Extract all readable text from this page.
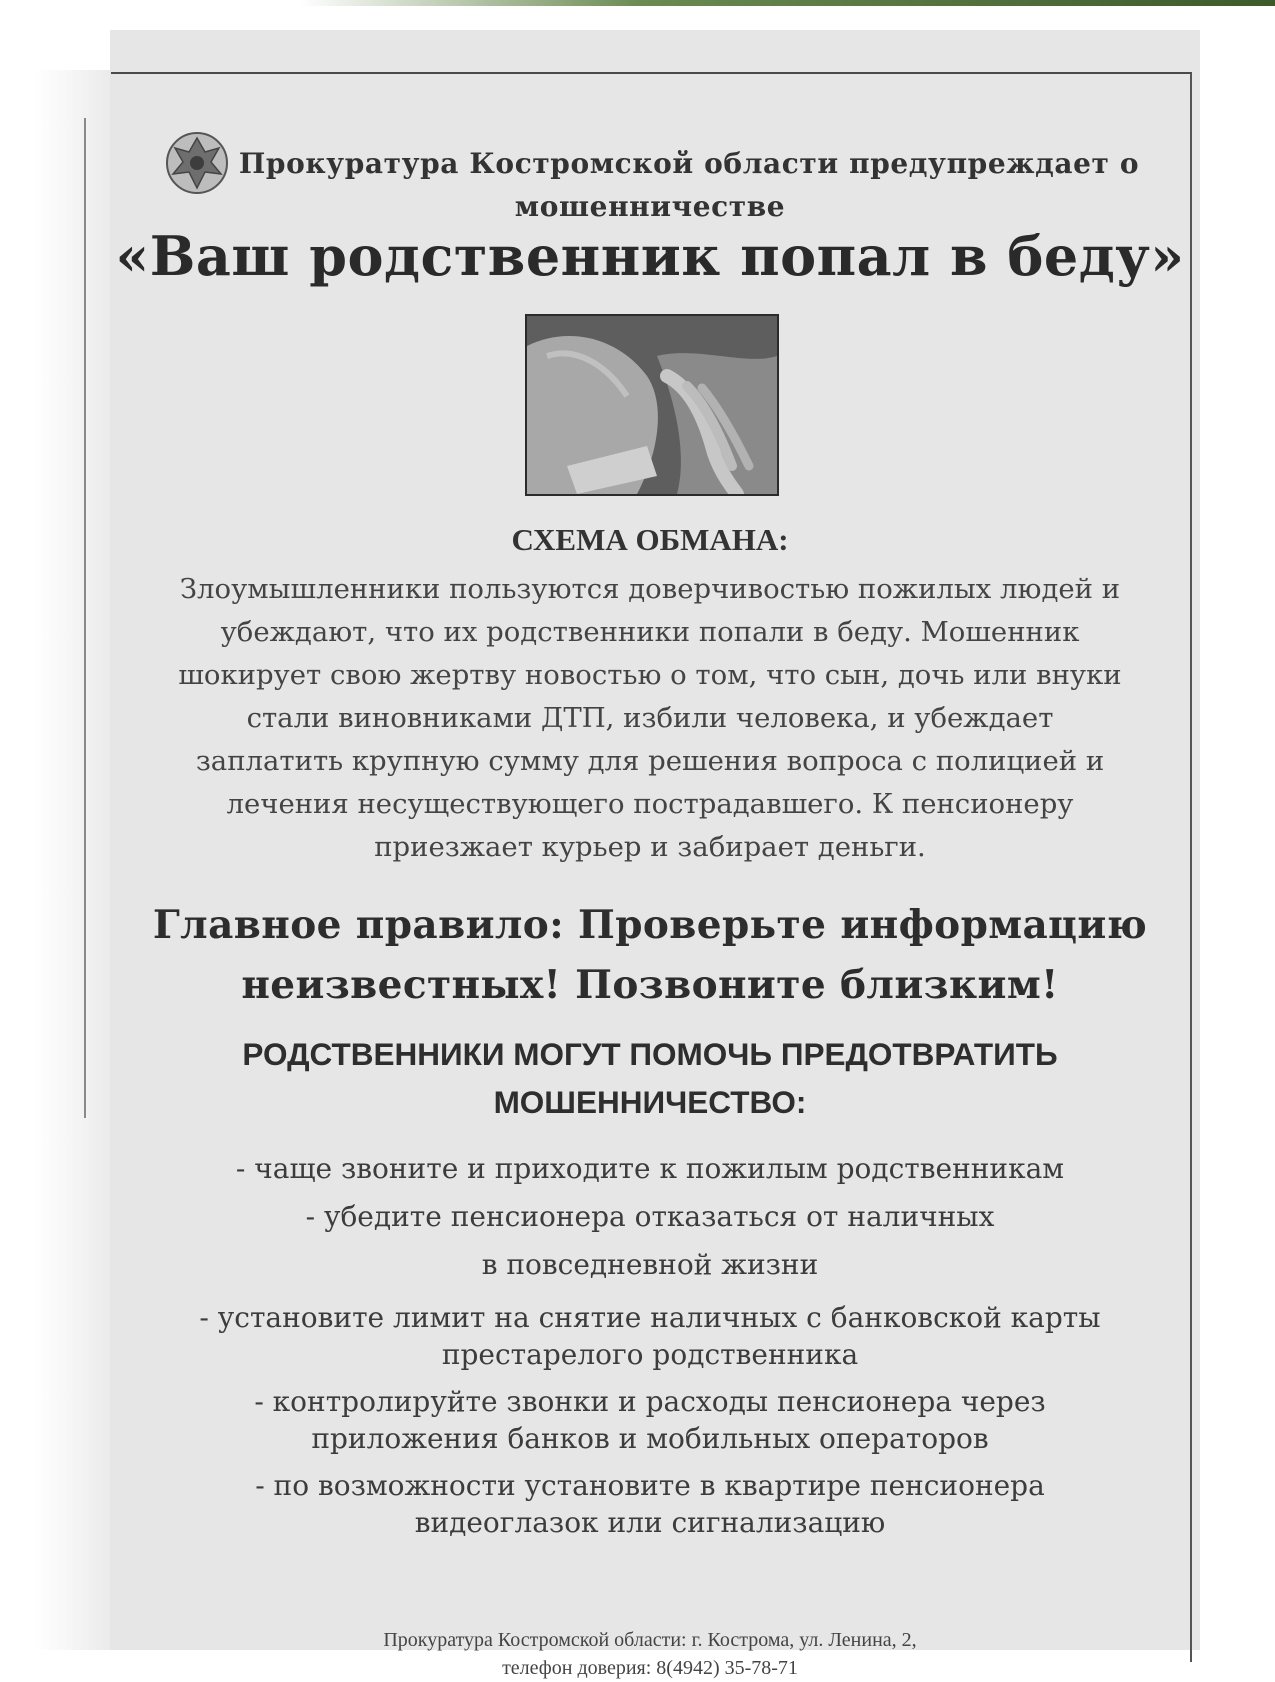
Прокуратура Костромской области предупреждает о
мошенничестве
«Ваш родственник попал в беду»
СХЕМА ОБМАНА:
Злоумышленники пользуются доверчивостью пожилых людей и
убеждают, что их родственники попали в беду. Мошенник
шокирует свою жертву новостью о том, что сын, дочь или внуки
стали виновниками ДТП, избили человека, и убеждает
заплатить крупную сумму для решения вопроса с полицией и
лечения несуществующего пострадавшего. К пенсионеру
приезжает курьер и забирает деньги.
Главное правило: Проверьте информацию
неизвестных! Позвоните близким!
РОДСТВЕННИКИ МОГУТ ПОМОЧЬ ПРЕДОТВРАТИТЬ
МОШЕННИЧЕСТВО:
- чаще звоните и приходите к пожилым родственникам
- убедите пенсионера отказаться от наличных
в повседневной жизни
- установите лимит на снятие наличных с банковской карты
престарелого родственника
- контролируйте звонки и расходы пенсионера через
приложения банков и мобильных операторов
- по возможности установите в квартире пенсионера
видеоглазок или сигнализацию
Прокуратура Костромской области: г. Кострома, ул. Ленина, 2,
телефон доверия: 8(4942) 35-78-71
